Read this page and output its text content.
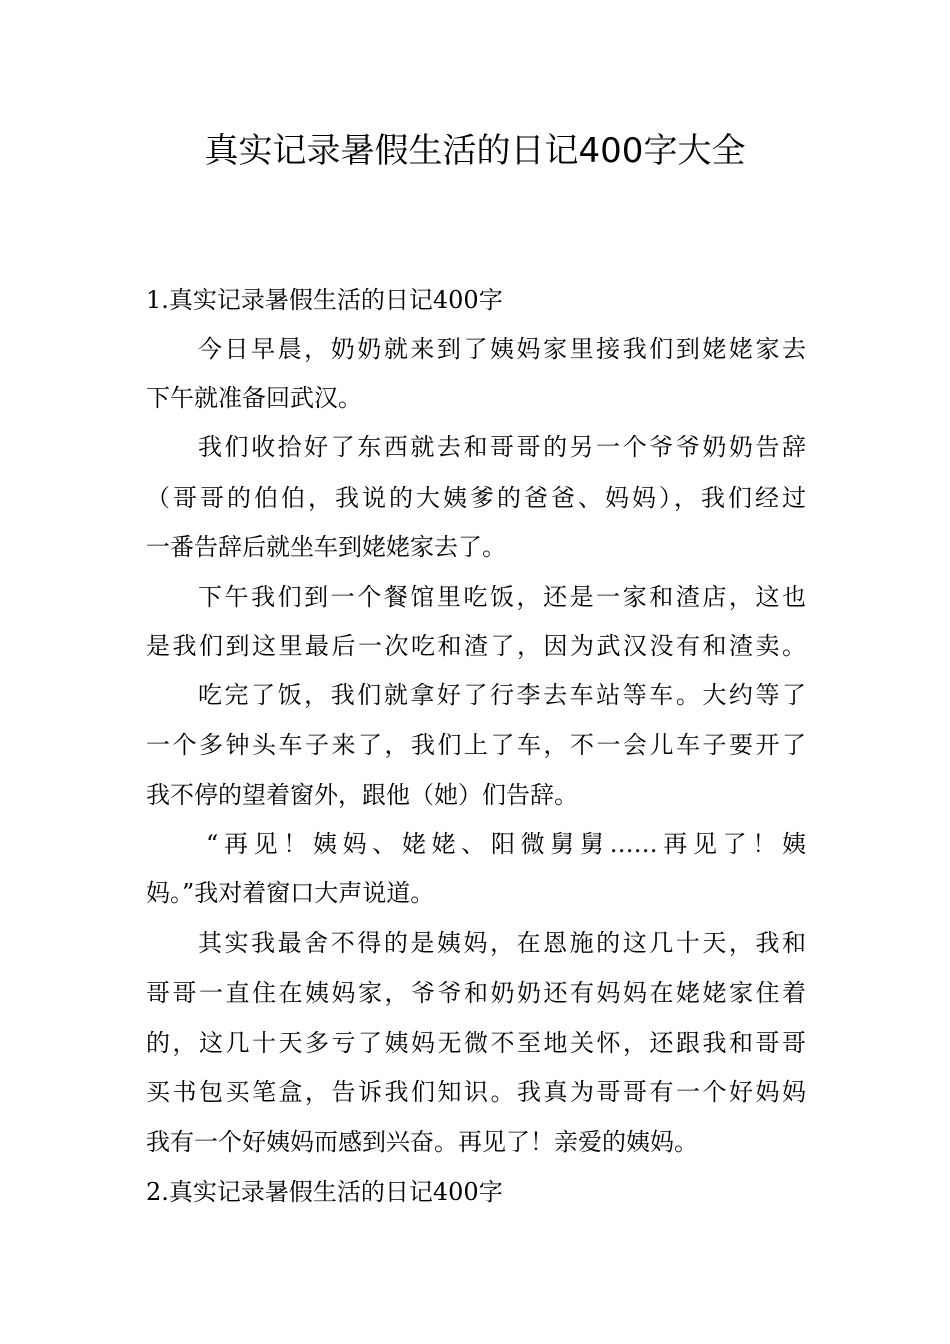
真实记录暑假生活的日记400字大全

1.真实记录暑假生活的日记400字

今日早晨，奶奶就来到了姨妈家里接我们到姥姥家去

下午就准备回武汉。

我们收拾好了东西就去和哥哥的另一个爷爷奶奶告辞

（哥哥的伯伯，我说的大姨爹的爸爸、妈妈），我们经过

一番告辞后就坐车到姥姥家去了。

下午我们到一个餐馆里吃饭，还是一家和渣店，这也

是我们到这里最后一次吃和渣了，因为武汉没有和渣卖。

吃完了饭，我们就拿好了行李去车站等车。大约等了

一个多钟头车子来了，我们上了车，不一会儿车子要开了

我不停的望着窗外，跟他（她）们告辞。

“再见！姨妈、姥姥、阳微舅舅……再见了！姨

妈。”我对着窗口大声说道。

其实我最舍不得的是姨妈，在恩施的这几十天，我和

哥哥一直住在姨妈家，爷爷和奶奶还有妈妈在姥姥家住着

的，这几十天多亏了姨妈无微不至地关怀，还跟我和哥哥

买书包买笔盒，告诉我们知识。我真为哥哥有一个好妈妈

我有一个好姨妈而感到兴奋。再见了！亲爱的姨妈。

2.真实记录暑假生活的日记400字
